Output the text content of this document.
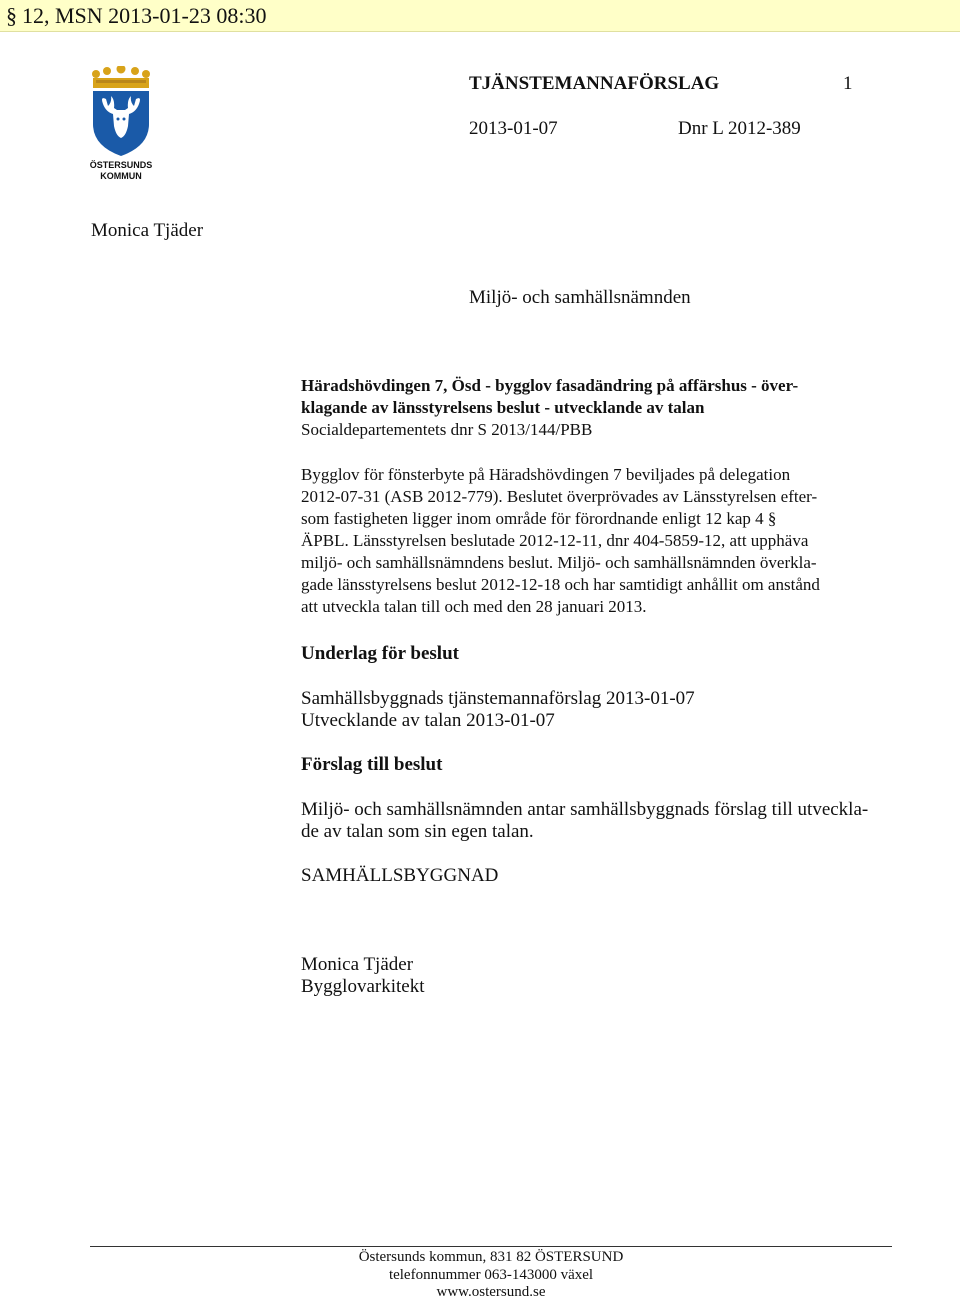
§ 12, MSN 2013-01-23 08:30
ÖSTERSUNDS
KOMMUN
TJÄNSTEMANNAFÖRSLAG	1
2013-01-07	Dnr L 2012-389
Monica Tjäder
Miljö- och samhällsnämnden
Häradshövdingen 7, Ösd - bygglov fasadändring på affärshus - över-
klagande av länsstyrelsens beslut - utvecklande av talan
Socialdepartementets dnr S 2013/144/PBB
Bygglov för fönsterbyte på Häradshövdingen 7 beviljades på delegation
2012-07-31 (ASB 2012-779). Beslutet överprövades av Länsstyrelsen efter-
som fastigheten ligger inom område för förordnande enligt 12 kap 4 §
ÄPBL. Länsstyrelsen beslutade 2012-12-11, dnr 404-5859-12, att upphäva
miljö- och samhällsnämndens beslut. Miljö- och samhällsnämnden överkla-
gade länsstyrelsens beslut 2012-12-18 och har samtidigt anhållit om anstånd
att utveckla talan till och med den 28 januari 2013.
Underlag för beslut
Samhällsbyggnads tjänstemannaförslag 2013-01-07
Utvecklande av talan 2013-01-07
Förslag till beslut
Miljö- och samhällsnämnden antar samhällsbyggnads förslag till utveckla-
de av talan som sin egen talan.
SAMHÄLLSBYGGNAD
Monica Tjäder
Bygglovarkitekt
Östersunds kommun, 831 82 ÖSTERSUND
telefonnummer 063-143000 växel
www.ostersund.se
